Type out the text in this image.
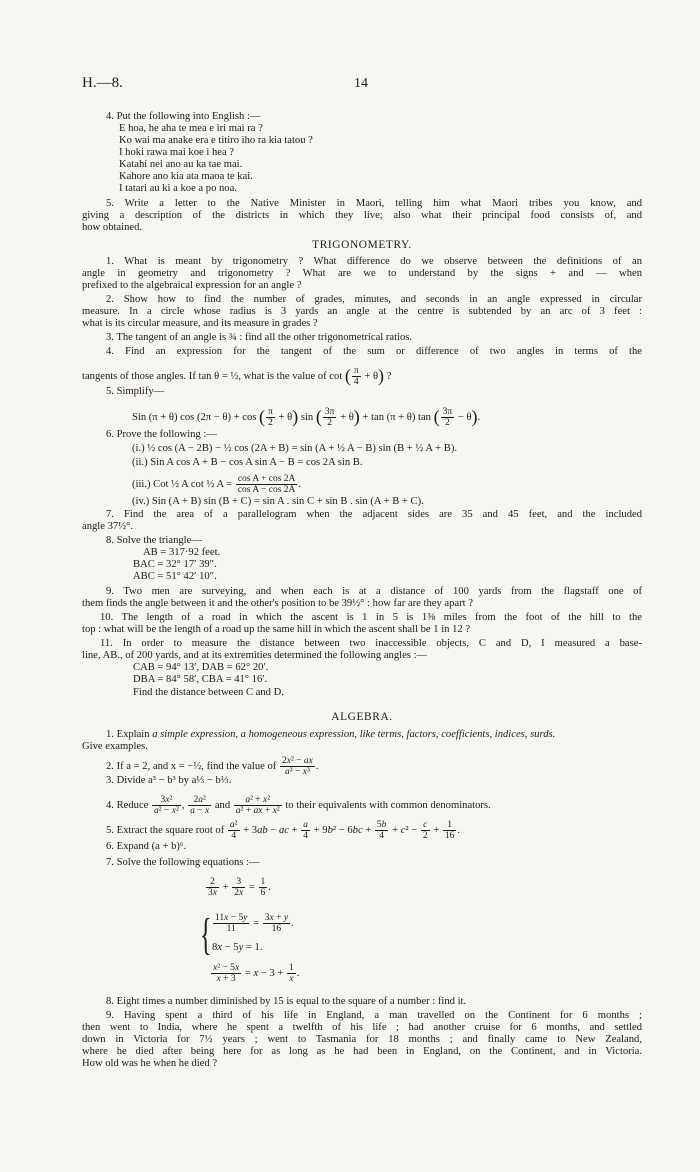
H.—8.	14
4. Put the following into English :—
E hoa, he aha te mea e iri mai ra ?
Ko wai ma anake era e titiro iho ra kia tatou ?
I hoki rawa mai koe i hea ?
Katahi nei ano au ka tae mai.
Kahore ano kia ata maoa te kai.
I tatari au ki a koe a po noa.
5. Write a letter to the Native Minister in Maori, telling him what Maori tribes you know, and
giving a description of the districts in which they live; also what their principal food consists of, and
how obtained.
TRIGONOMETRY.
1. What is meant by trigonometry ? What difference do we observe between the definitions of an
angle in geometry and trigonometry ? What are we to understand by the signs + and — when
prefixed to the algebraical expression for an angle ?
2. Show how to find the number of grades, minutes, and seconds in an angle expressed in circular
measure. In a circle whose radius is 3 yards an angle at the centre is subtended by an arc of 3 feet :
what is its circular measure, and its measure in grades ?
3. The tangent of an angle is ¾ : find all the other trigonometrical ratios.
4. Find an expression for the tangent of the sum or difference of two angles in terms of the
tangents of those angles. If tan θ = ½, what is the value of cot ( $\frac{\pi}{4} + \theta$) ?
5. Simplify—
Sin (π + θ) cos (2π − θ) + cos ( $\frac{\pi}{2} + \theta$) sin ( $\frac{3\pi}{2} + \theta) + \tan (\pi + \theta)$ tan ( $\frac{3\pi}{2} - \theta$).
6. Prove the following :—
(i.) ½ cos (A − 2B) − ½ cos (2A + B) = sin (A + ½ A − B) sin (B + ½ A + B).
(ii.) Sin A cos A + B − cos A sin A − B = cos 2A sin B.
(iii.) Cot ½ A cot ½ $A = \frac{\text{cos A + cos 2A}}{\text{cos A − cos 2A}}$ .
(iv.) Sin (A + B) sin (B + C) = sin A . sin C + sin B . sin (A + B + C).
7. Find the area of a parallelogram when the adjacent sides are 35 and 45 feet, and the included
angle 37½°.
8. Solve the triangle—
AB = 317·92 feet.
BAC = 32° 17′ 39″.
ABC = 51° 42′ 10″.
9. Two men are surveying, and when each is at a distance of 100 yards from the flagstaff one of
them finds the angle between it and the other's position to be 39½° : how far are they apart ?
10. The length of a road in which the ascent is 1 in 5 is 1⅜ miles from the foot of the hill to the
top : what will be the length of a road up the same hill in which the ascent shall be 1 in 12 ?
11. In order to measure the distance between two inaccessible objects, C and D, I measured a base-
line, AB., of 200 yards, and at its extremities determined the following angles :—
CAB = 94° 13′, DAB = 62° 20′.
DBA = 84° 58′, CBA = 41° 16′.
Find the distance between C and D.
ALGEBRA.
1. Explain a simple expression, a homogeneous expression, like terms, factors, coefficients, indices, surds.
Give examples.
2. If a = 2, and x = −½, find the value of $\frac{\text{2x² − ax}}{\text{a³ − x³}}$ .
3. Divide a³ − b³ by a⅓ − b⅓.
4. Reduce $\frac{\text{3x²}}{\text{a² − x²}}$ , $\frac{\text{2a²}}{a - x}$ and $\frac{\text{a² + x²}}{\text{a² + ax + x²}}$ to their equivalents with common denominators.
5. Extract the square root of $\frac{\text{a²}}{4} + 3ab$ − ac + $\frac{a}{4} + 9b^2 - 6bc + \frac{5b}{4} + c^2 - \frac{c}{2} + \frac{1}{16}$ .
6. Expand (a + b)⁶.
7. Solve the following equations :—
$\frac{2}{3x} + \frac{3}{2x} = \frac{1}{6}$ .
{ $\frac{11x - 5y}{11} = \frac{3x + y}{16}$ .
8x − 5y = 1.
$\frac{\text{x² − 5x}}{x + 3} = x - 3 + \frac{1}{x}$ .
8. Eight times a number diminished by 15 is equal to the square of a number : find it.
9. Having spent a third of his life in England, a man travelled on the Continent for 6 months ;
then went to India, where he spent a twelfth of his life ; had another cruise for 6 months, and settled
down in Victoria for 7½ years ; went to Tasmania for 18 months ; and finally came to New Zealand,
where he died after being here for as long as he had been in England, on the Continent, and in Victoria.
How old was he when he died ?
